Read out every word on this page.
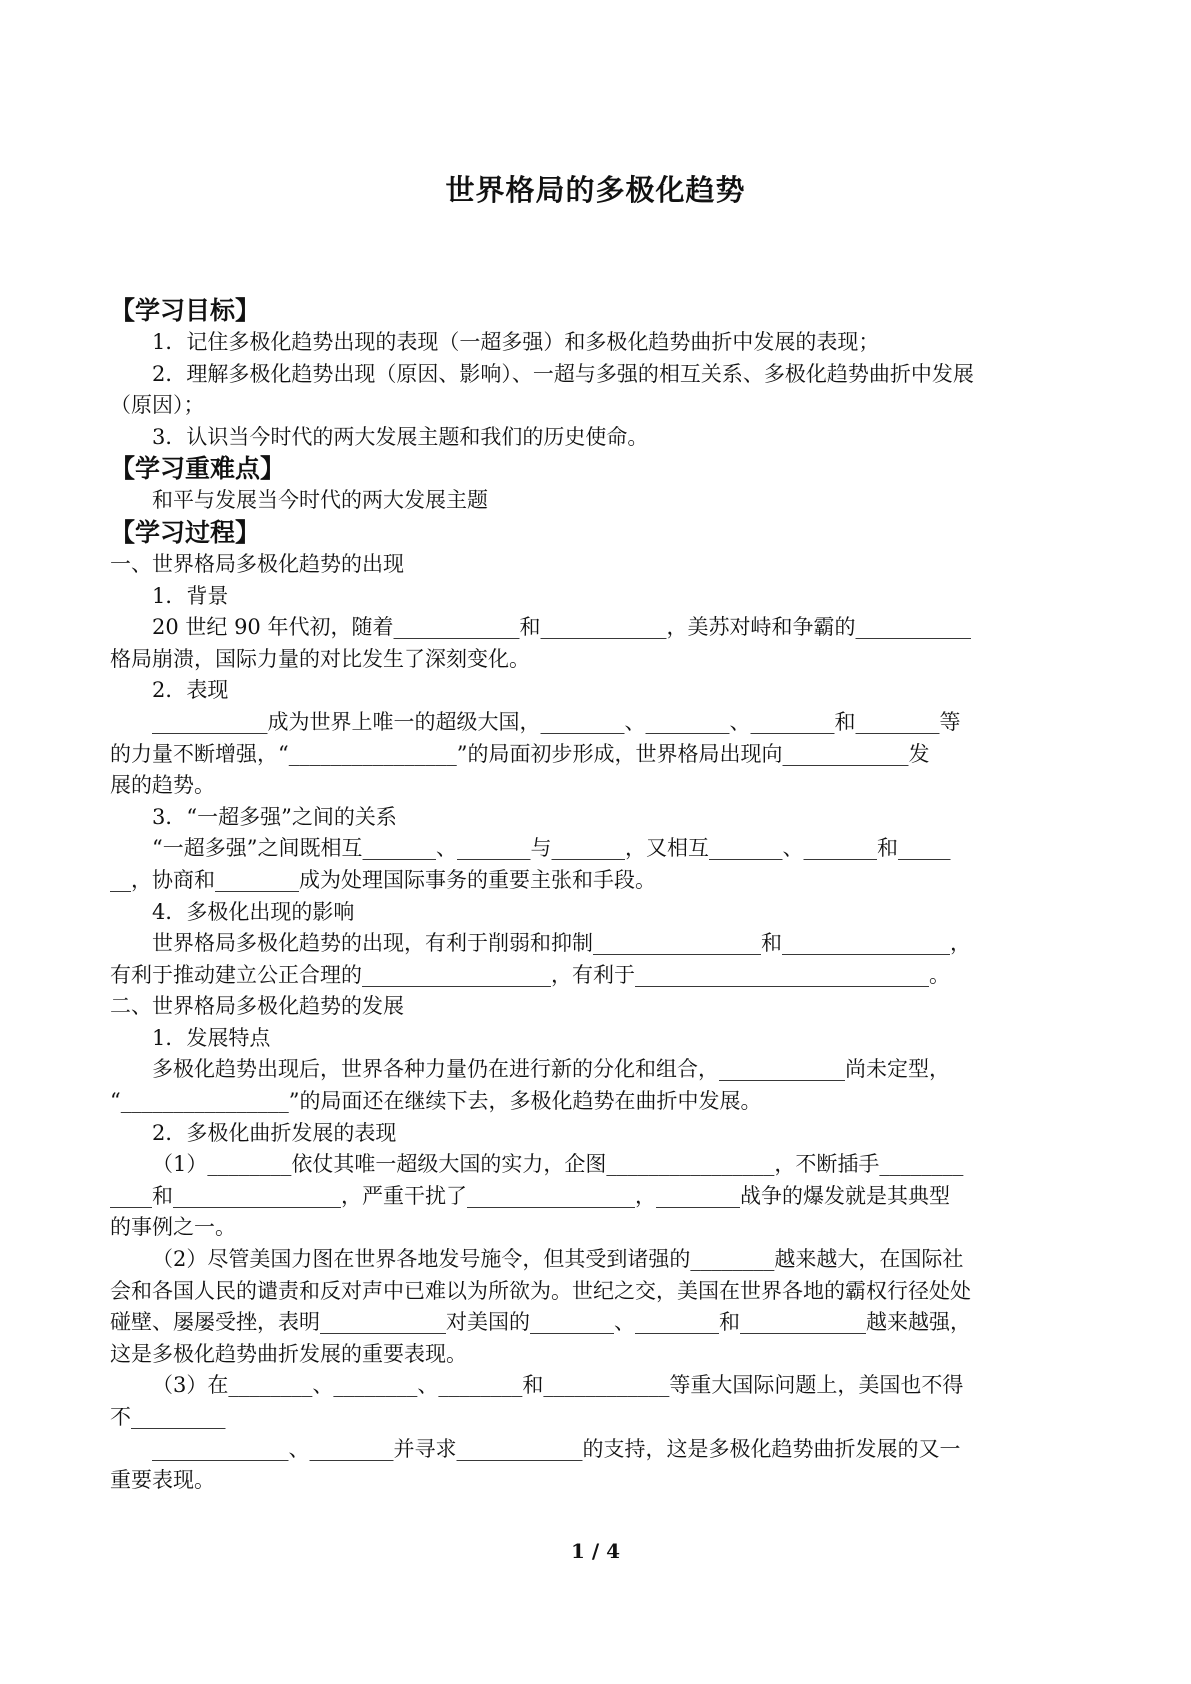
世界格局的多极化趋势

【学习目标】

1．记住多极化趋势出现的表现（一超多强）和多极化趋势曲折中发展的表现；

2．理解多极化趋势出现（原因、影响）、一超与多强的相互关系、多极化趋势曲折中发展

（原因）；

3．认识当今时代的两大发展主题和我们的历史使命。

【学习重难点】

和平与发展当今时代的两大发展主题

【学习过程】

一、世界格局多极化趋势的出现

1．背景

20 世纪 90 年代初，随着____________和____________，美苏对峙和争霸的___________

格局崩溃，国际力量的对比发生了深刻变化。

2．表现

___________成为世界上唯一的超级大国，________、________、________和________等

的力量不断增强，“________________”的局面初步形成，世界格局出现向____________发

展的趋势。

3．“一超多强”之间的关系

“一超多强”之间既相互_______、_______与_______，又相互_______、_______和_____

__，协商和________成为处理国际事务的重要主张和手段。

4．多极化出现的影响

世界格局多极化趋势的出现，有利于削弱和抑制________________和________________，

有利于推动建立公正合理的__________________，有利于____________________________。

二、世界格局多极化趋势的发展

1．发展特点

多极化趋势出现后，世界各种力量仍在进行新的分化和组合，____________尚未定型，

“________________”的局面还在继续下去，多极化趋势在曲折中发展。

2．多极化曲折发展的表现

（1）________依仗其唯一超级大国的实力，企图________________，不断插手________

____和________________，严重干扰了________________，________战争的爆发就是其典型

的事例之一。

（2）尽管美国力图在世界各地发号施令，但其受到诸强的________越来越大，在国际社

会和各国人民的谴责和反对声中已难以为所欲为。世纪之交，美国在世界各地的霸权行径处处

碰壁、屡屡受挫，表明____________对美国的________、________和____________越来越强，

这是多极化趋势曲折发展的重要表现。

（3）在________、________、________和____________等重大国际问题上，美国也不得

不_________

_____________、________并寻求____________的支持，这是多极化趋势曲折发展的又一

重要表现。

1 / 4
